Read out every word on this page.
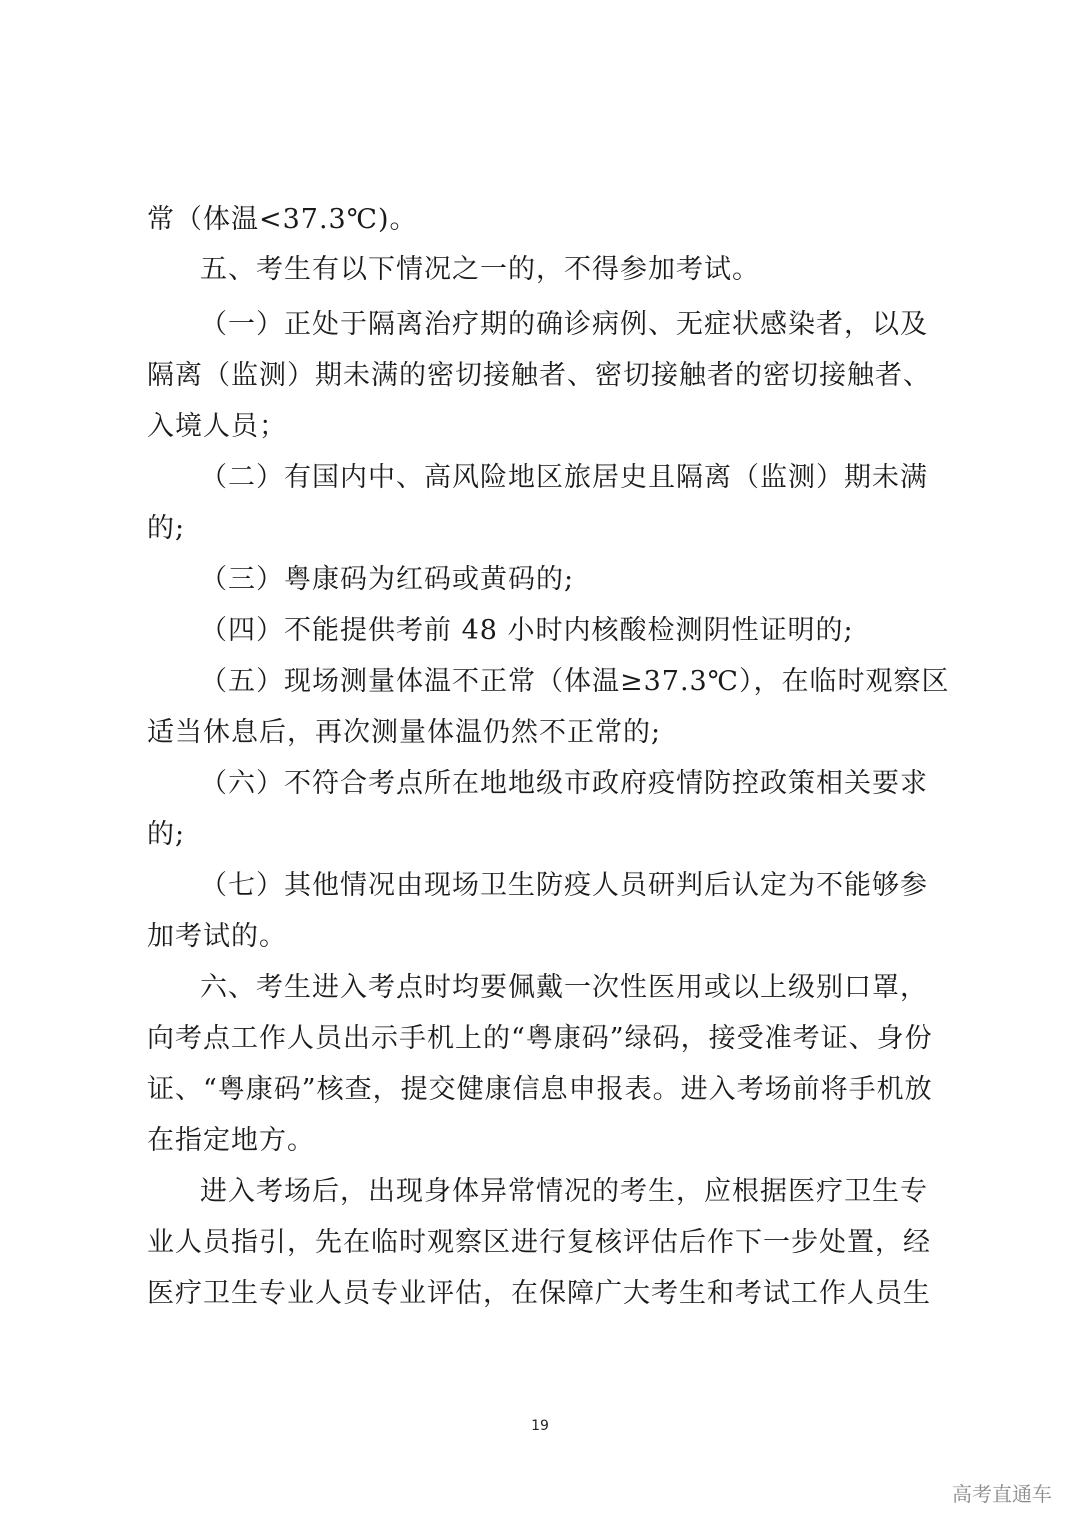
常（体温<37.3℃)。
五、考生有以下情况之一的，不得参加考试。
（一）正处于隔离治疗期的确诊病例、无症状感染者，以及
隔离（监测）期未满的密切接触者、密切接触者的密切接触者、
入境人员；
（二）有国内中、高风险地区旅居史且隔离（监测）期未满
的;
（三）粤康码为红码或黄码的;
（四）不能提供考前 48 小时内核酸检测阴性证明的;
（五）现场测量体温不正常（体温≥37.3℃），在临时观察区
适当休息后，再次测量体温仍然不正常的;
（六）不符合考点所在地地级市政府疫情防控政策相关要求
的;
（七）其他情况由现场卫生防疫人员研判后认定为不能够参
加考试的。
六、考生进入考点时均要佩戴一次性医用或以上级别口罩，
向考点工作人员出示手机上的“粤康码”绿码，接受准考证、身份
证、“粤康码”核查，提交健康信息申报表。进入考场前将手机放
在指定地方。
进入考场后，出现身体异常情况的考生，应根据医疗卫生专
业人员指引，先在临时观察区进行复核评估后作下一步处置，经
医疗卫生专业人员专业评估，在保障广大考生和考试工作人员生
19
高考直通车
